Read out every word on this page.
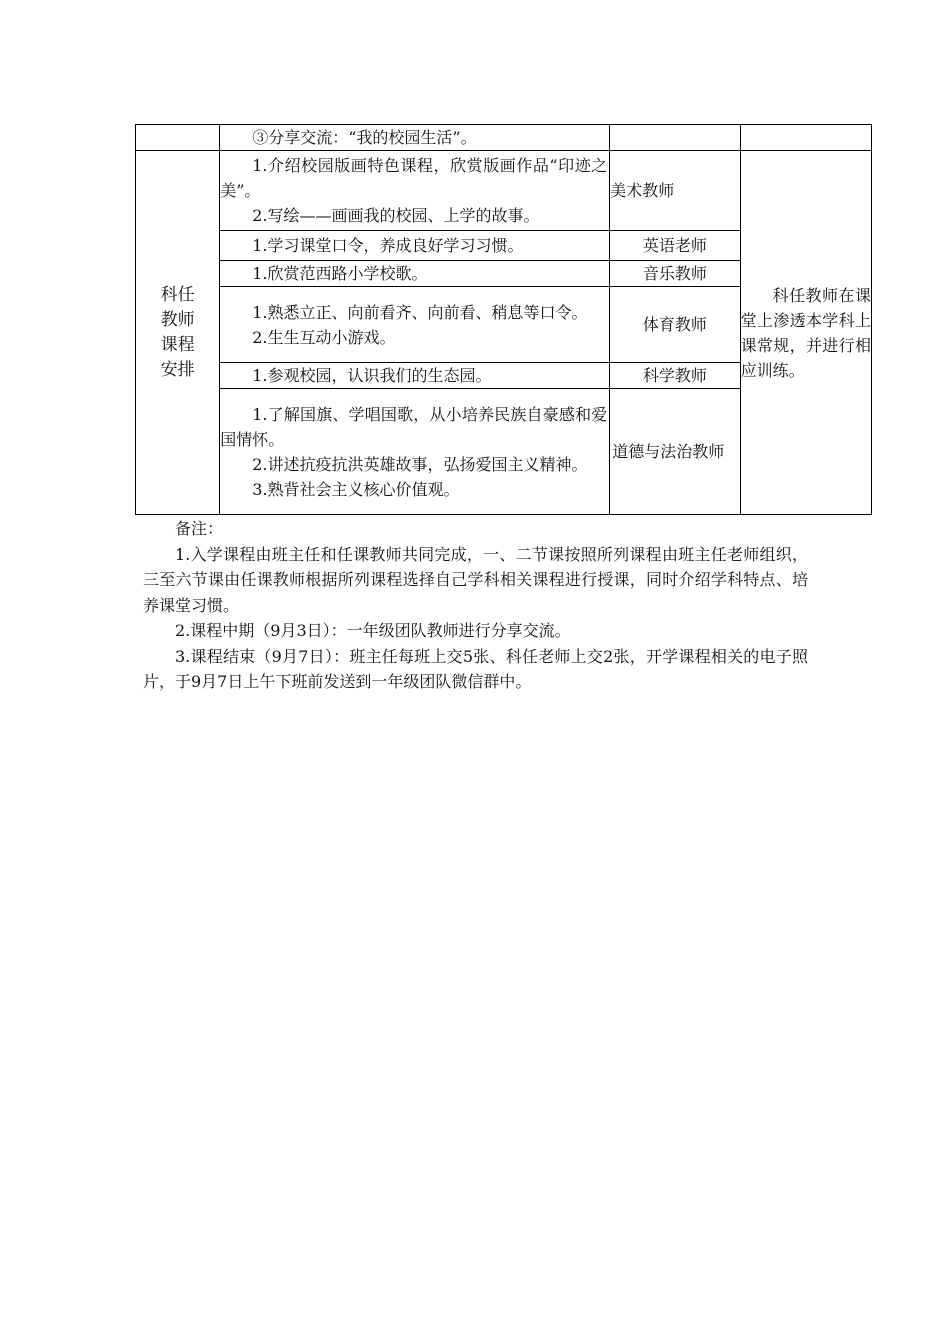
	③分享交流：“我的校园生活”。		

科任教师课程安排	1.介绍校园版画特色课程，欣赏版画作品“印迹之美”。
2.写绘——画画我的校园、上学的故事。	美术教师	科任教师在课堂上渗透本学科上课常规，并进行相应训练。

	1.学习课堂口令，养成良好学习习惯。	英语老师	

	1.欣赏范西路小学校歌。	音乐教师	

	1.熟悉立正、向前看齐、向前看、稍息等口令。
2.生生互动小游戏。	体育教师	

	1.参观校园，认识我们的生态园。	科学教师	

	1.了解国旗、学唱国歌，从小培养民族自豪感和爱国情怀。
2.讲述抗疫抗洪英雄故事，弘扬爱国主义精神。
3.熟背社会主义核心价值观。	道德与法治教师	
备注：
1.入学课程由班主任和任课教师共同完成，一、二节课按照所列课程由班主任老师组织，三至六节课由任课教师根据所列课程选择自己学科相关课程进行授课，同时介绍学科特点、培养课堂习惯。
2.课程中期（9月3日）：一年级团队教师进行分享交流。
3.课程结束（9月7日）：班主任每班上交5张、科任老师上交2张，开学课程相关的电子照片，于9月7日上午下班前发送到一年级团队微信群中。
